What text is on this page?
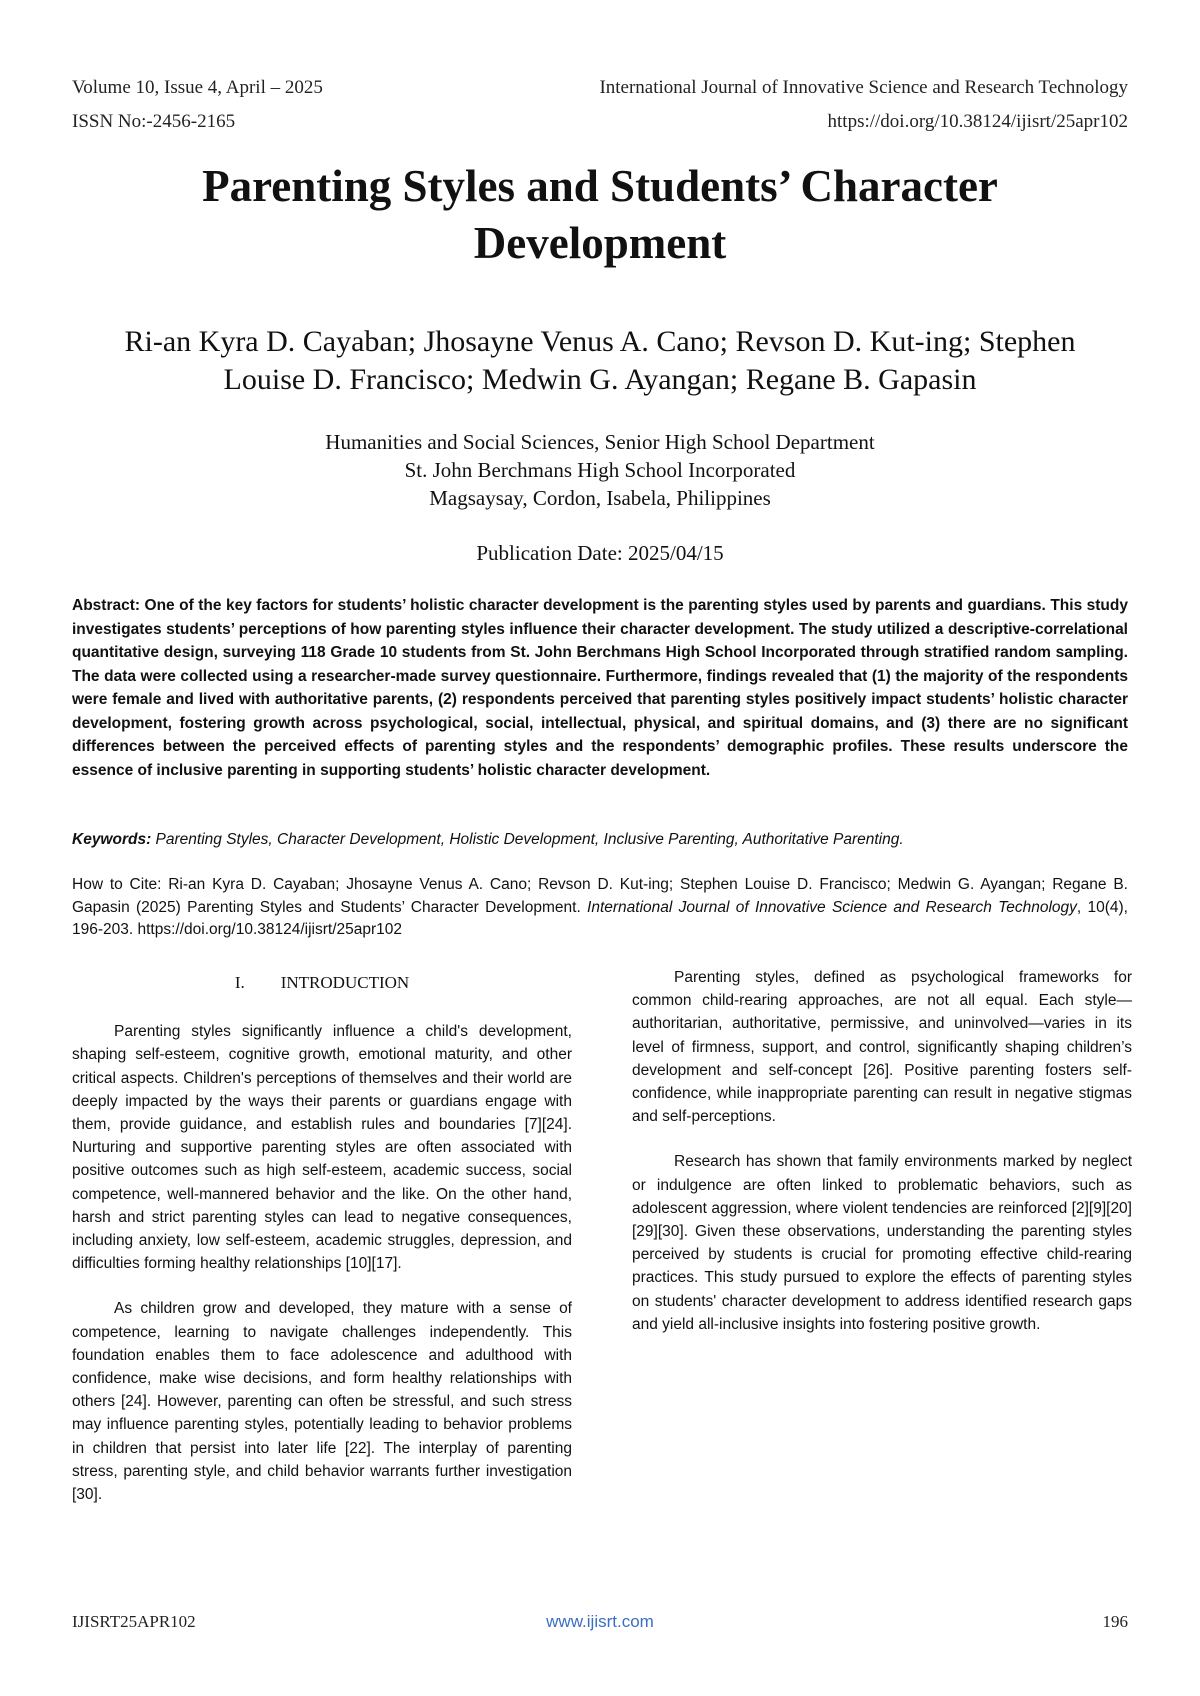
Volume 10, Issue 4, April – 2025	International Journal of Innovative Science and Research Technology
ISSN No:-2456-2165	https://doi.org/10.38124/ijisrt/25apr102
Parenting Styles and Students’ Character
Development
Ri-an Kyra D. Cayaban; Jhosayne Venus A. Cano; Revson D. Kut-ing; Stephen
Louise D. Francisco; Medwin G. Ayangan; Regane B. Gapasin
Humanities and Social Sciences, Senior High School Department
St. John Berchmans High School Incorporated
Magsaysay, Cordon, Isabela, Philippines
Publication Date: 2025/04/15
Abstract: One of the key factors for students’ holistic character development is the parenting styles used by parents and guardians. This study investigates students’ perceptions of how parenting styles influence their character development. The study utilized a descriptive-correlational quantitative design, surveying 118 Grade 10 students from St. John Berchmans High School Incorporated through stratified random sampling. The data were collected using a researcher-made survey questionnaire. Furthermore, findings revealed that (1) the majority of the respondents were female and lived with authoritative parents, (2) respondents perceived that parenting styles positively impact students’ holistic character development, fostering growth across psychological, social, intellectual, physical, and spiritual domains, and (3) there are no significant differences between the perceived effects of parenting styles and the respondents’ demographic profiles. These results underscore the essence of inclusive parenting in supporting students’ holistic character development.
Keywords: Parenting Styles, Character Development, Holistic Development, Inclusive Parenting, Authoritative Parenting.
How to Cite: Ri-an Kyra D. Cayaban; Jhosayne Venus A. Cano; Revson D. Kut-ing; Stephen Louise D. Francisco; Medwin G. Ayangan; Regane B. Gapasin (2025) Parenting Styles and Students’ Character Development. International Journal of Innovative Science and Research Technology, 10(4), 196-203. https://doi.org/10.38124/ijisrt/25apr102
I. INTRODUCTION

Parenting styles significantly influence a child's development, shaping self-esteem, cognitive growth, emotional maturity, and other critical aspects. Children's perceptions of themselves and their world are deeply impacted by the ways their parents or guardians engage with them, provide guidance, and establish rules and boundaries [7][24]. Nurturing and supportive parenting styles are often associated with positive outcomes such as high self-esteem, academic success, social competence, well-mannered behavior and the like. On the other hand, harsh and strict parenting styles can lead to negative consequences, including anxiety, low self-esteem, academic struggles, depression, and difficulties forming healthy relationships [10][17].

As children grow and developed, they mature with a sense of competence, learning to navigate challenges independently. This foundation enables them to face adolescence and adulthood with confidence, make wise decisions, and form healthy relationships with others [24]. However, parenting can often be stressful, and such stress may influence parenting styles, potentially leading to behavior problems in children that persist into later life [22]. The interplay of parenting stress, parenting style, and child behavior warrants further investigation [30].

Parenting styles, defined as psychological frameworks for common child-rearing approaches, are not all equal. Each style—authoritarian, authoritative, permissive, and uninvolved—varies in its level of firmness, support, and control, significantly shaping children’s development and self-concept [26]. Positive parenting fosters self-confidence, while inappropriate parenting can result in negative stigmas and self-perceptions.

Research has shown that family environments marked by neglect or indulgence are often linked to problematic behaviors, such as adolescent aggression, where violent tendencies are reinforced [2][9][20][29][30]. Given these observations, understanding the parenting styles perceived by students is crucial for promoting effective child-rearing practices. This study pursued to explore the effects of parenting styles on students' character development to address identified research gaps and yield all-inclusive insights into fostering positive growth.

IJISRT25APR102	www.ijisrt.com	196
